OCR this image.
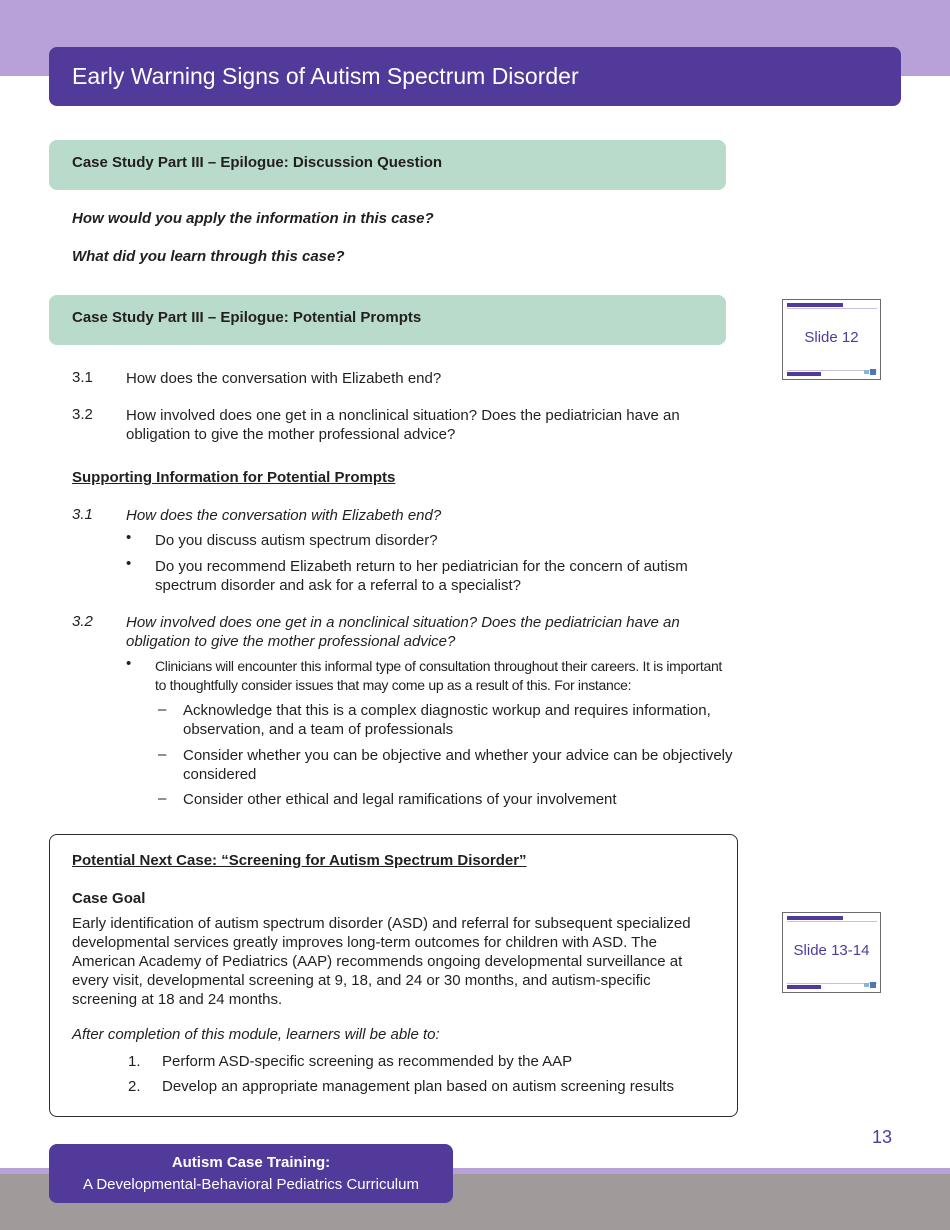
Early Warning Signs of Autism Spectrum Disorder
Case Study Part III – Epilogue: Discussion Question
How would you apply the information in this case?
What did you learn through this case?
Case Study Part III – Epilogue: Potential Prompts
Slide 12
3.1 How does the conversation with Elizabeth end?
3.2 How involved does one get in a nonclinical situation? Does the pediatrician have an obligation to give the mother professional advice?
Supporting Information for Potential Prompts
3.1 How does the conversation with Elizabeth end?
• Do you discuss autism spectrum disorder?
• Do you recommend Elizabeth return to her pediatrician for the concern of autism spectrum disorder and ask for a referral to a specialist?
3.2 How involved does one get in a nonclinical situation? Does the pediatrician have an obligation to give the mother professional advice?
• Clinicians will encounter this informal type of consultation throughout their careers. It is important to thoughtfully consider issues that may come up as a result of this. For instance:
– Acknowledge that this is a complex diagnostic workup and requires information, observation, and a team of professionals
– Consider whether you can be objective and whether your advice can be objectively considered
– Consider other ethical and legal ramifications of your involvement
Potential Next Case: “Screening for Autism Spectrum Disorder”
Case Goal
Early identification of autism spectrum disorder (ASD) and referral for subsequent specialized developmental services greatly improves long-term outcomes for children with ASD. The American Academy of Pediatrics (AAP) recommends ongoing developmental surveillance at every visit, developmental screening at 9, 18, and 24 or 30 months, and autism-specific screening at 18 and 24 months.
After completion of this module, learners will be able to:
1. Perform ASD-specific screening as recommended by the AAP
2. Develop an appropriate management plan based on autism screening results
Slide 13-14
13
Autism Case Training:
A Developmental-Behavioral Pediatrics Curriculum
